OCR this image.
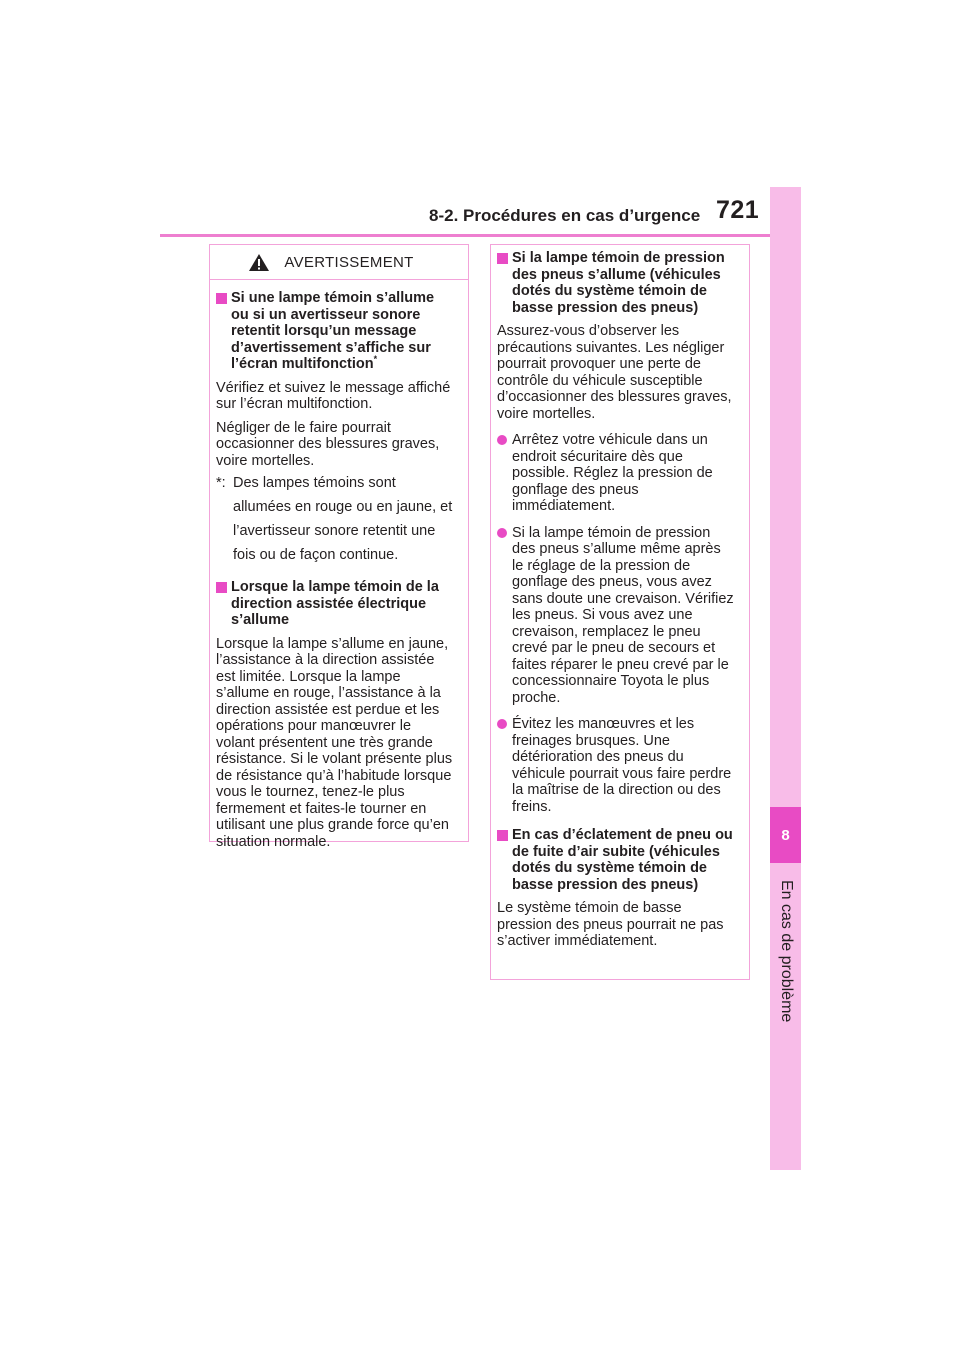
8-2. Procédures en cas d’urgence 721
8
En cas de problème
AVERTISSEMENT
Si une lampe témoin s’allume ou si un avertisseur sonore retentit lorsqu’un message d’avertissement s’affiche sur l’écran multifonction*

Vérifiez et suivez le message affiché sur l’écran multifonction.

Négliger de le faire pourrait occasionner des blessures graves, voire mortelles.

*: Des lampes témoins sont allumées en rouge ou en jaune, et l’avertisseur sonore retentit une fois ou de façon continue.
Lorsque la lampe témoin de la direction assistée électrique s’allume

Lorsque la lampe s’allume en jaune, l’assistance à la direction assistée est limitée. Lorsque la lampe s’allume en rouge, l’assistance à la direction assistée est perdue et les opérations pour manœuvrer le volant présentent une très grande résistance. Si le volant présente plus de résistance qu’à l’habitude lorsque vous le tournez, tenez-le plus fermement et faites-le tourner en utilisant une plus grande force qu’en situation normale.

Si la lampe témoin de pression des pneus s’allume (véhicules dotés du système témoin de basse pression des pneus)

Assurez-vous d’observer les précautions suivantes. Les négliger pourrait provoquer une perte de contrôle du véhicule susceptible d’occasionner des blessures graves, voire mortelles.

Arrêtez votre véhicule dans un endroit sécuritaire dès que possible. Réglez la pression de gonflage des pneus immédiatement.
Si la lampe témoin de pression des pneus s’allume même après le réglage de la pression de gonflage des pneus, vous avez sans doute une crevaison. Vérifiez les pneus. Si vous avez une crevaison, remplacez le pneu crevé par le pneu de secours et faites réparer le pneu crevé par le concessionnaire Toyota le plus proche.
Évitez les manœuvres et les freinages brusques. Une détérioration des pneus du véhicule pourrait vous faire perdre la maîtrise de la direction ou des freins.
En cas d’éclatement de pneu ou de fuite d’air subite (véhicules dotés du système témoin de basse pression des pneus)

Le système témoin de basse pression des pneus pourrait ne pas s’activer immédiatement.
